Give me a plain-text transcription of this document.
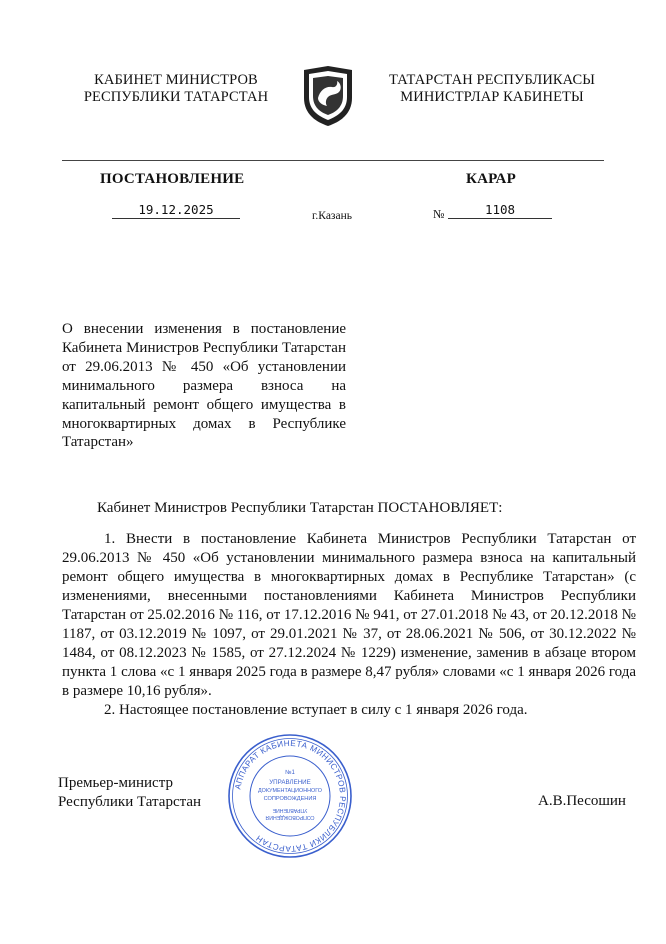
КАБИНЕТ МИНИСТРОВ
РЕСПУБЛИКИ ТАТАРСТАН
ТАТАРСТАН РЕСПУБЛИКАСЫ
МИНИСТРЛАР КАБИНЕТЫ
ПОСТАНОВЛЕНИЕ	КАРАР
19.12.2025	г.Казань	№	1108
О внесении изменения в постановление Кабинета Министров Республики Татарстан от 29.06.2013 № 450 «Об установлении минимального размера взноса на капитальный ремонт общего имущества в многоквартирных домах в Республике Татарстан»
Кабинет Министров Республики Татарстан ПОСТАНОВЛЯЕТ:

1. Внести в постановление Кабинета Министров Республики Татарстан от 29.06.2013 № 450 «Об установлении минимального размера взноса на капитальный ремонт общего имущества в многоквартирных домах в Республике Татарстан» (с изменениями, внесенными постановлениями Кабинета Министров Республики Татарстан от 25.02.2016 № 116, от 17.12.2016 № 941, от 27.01.2018 № 43, от 20.12.2018 № 1187, от 03.12.2019 № 1097, от 29.01.2021 № 37, от 28.06.2021 № 506, от 30.12.2022 № 1484, от 08.12.2023 № 1585, от 27.12.2024 № 1229) изменение, заменив в абзаце втором пункта 1 слова «с 1 января 2025 года в размере 8,47 рубля» словами «с 1 января 2026 года в размере 10,16 рубля».

2. Настоящее постановление вступает в силу с 1 января 2026 года.

Премьер-министр
Республики Татарстан	А.В.Песошин
АППАРАТ КАБИНЕТА МИНИСТРОВ РЕСПУБЛИКИ ТАТАРСТАН
№1
УПРАВЛЕНИЕ
ДОКУМЕНТАЦИОННОГО
СОПРОВОЖДЕНИЯ
СОПРОВОЖДЕНИЯ
УПРАВЛЕНИЕ
